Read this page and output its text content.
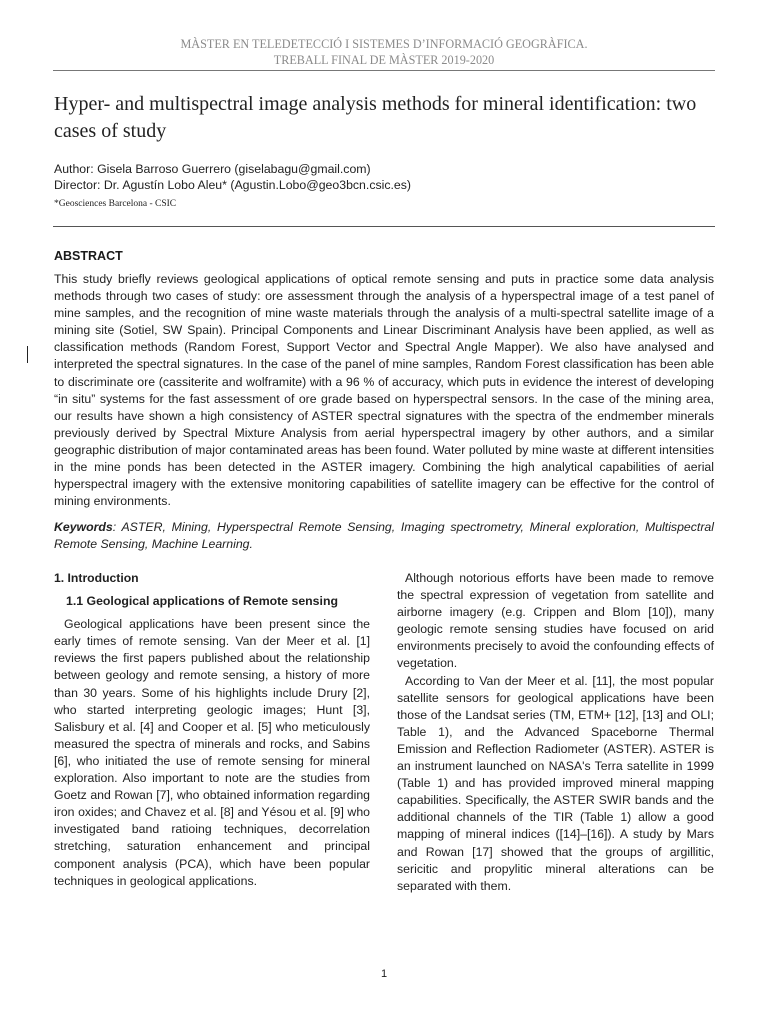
MÀSTER EN TELEDETECCIÓ I SISTEMES D’INFORMACIÓ GEOGRÀFICA.
TREBALL FINAL DE MÀSTER 2019-2020
Hyper- and multispectral image analysis methods for mineral identification: two cases of study
Author: Gisela Barroso Guerrero (giselabagu@gmail.com)
Director: Dr. Agustín Lobo Aleu* (Agustin.Lobo@geo3bcn.csic.es)
*Geosciences Barcelona - CSIC
ABSTRACT
This study briefly reviews geological applications of optical remote sensing and puts in practice some data analysis methods through two cases of study: ore assessment through the analysis of a hyperspectral image of a test panel of mine samples, and the recognition of mine waste materials through the analysis of a multi-spectral satellite image of a mining site (Sotiel, SW Spain). Principal Components and Linear Discriminant Analysis have been applied, as well as classification methods (Random Forest, Support Vector and Spectral Angle Mapper). We also have analysed and interpreted the spectral signatures. In the case of the panel of mine samples, Random Forest classification has been able to discriminate ore (cassiterite and wolframite) with a 96 % of accuracy, which puts in evidence the interest of developing “in situ” systems for the fast assessment of ore grade based on hyperspectral sensors. In the case of the mining area, our results have shown a high consistency of ASTER spectral signatures with the spectra of the endmember minerals previously derived by Spectral Mixture Analysis from aerial hyperspectral imagery by other authors, and a similar geographic distribution of major contaminated areas has been found. Water polluted by mine waste at different intensities in the mine ponds has been detected in the ASTER imagery. Combining the high analytical capabilities of aerial hyperspectral imagery with the extensive monitoring capabilities of satellite imagery can be effective for the control of mining environments.
Keywords: ASTER, Mining, Hyperspectral Remote Sensing, Imaging spectrometry, Mineral exploration, Multispectral Remote Sensing, Machine Learning.
1. Introduction
1.1 Geological applications of Remote sensing

Geological applications have been present since the early times of remote sensing. Van der Meer et al. [1] reviews the first papers published about the relationship between geology and remote sensing, a history of more than 30 years. Some of his highlights include Drury [2], who started interpreting geologic images; Hunt [3], Salisbury et al. [4] and Cooper et al. [5] who meticulously measured the spectra of minerals and rocks, and Sabins [6], who initiated the use of remote sensing for mineral exploration. Also important to note are the studies from Goetz and Rowan [7], who obtained information regarding iron oxides; and Chavez et al. [8] and Yésou et al. [9] who investigated band ratioing techniques, decorrelation stretching, saturation enhancement and principal component analysis (PCA), which have been popular techniques in geological applications.

Although notorious efforts have been made to remove the spectral expression of vegetation from satellite and airborne imagery (e.g. Crippen and Blom [10]), many geologic remote sensing studies have focused on arid environments precisely to avoid the confounding effects of vegetation.

According to Van der Meer et al. [11], the most popular satellite sensors for geological applications have been those of the Landsat series (TM, ETM+ [12], [13] and OLI; Table 1), and the Advanced Spaceborne Thermal Emission and Reflection Radiometer (ASTER). ASTER is an instrument launched on NASA's Terra satellite in 1999 (Table 1) and has provided improved mineral mapping capabilities. Specifically, the ASTER SWIR bands and the additional channels of the TIR (Table 1) allow a good mapping of mineral indices ([14]–[16]). A study by Mars and Rowan [17] showed that the groups of argillitic, sericitic and propylitic mineral alterations can be separated with them.

1
